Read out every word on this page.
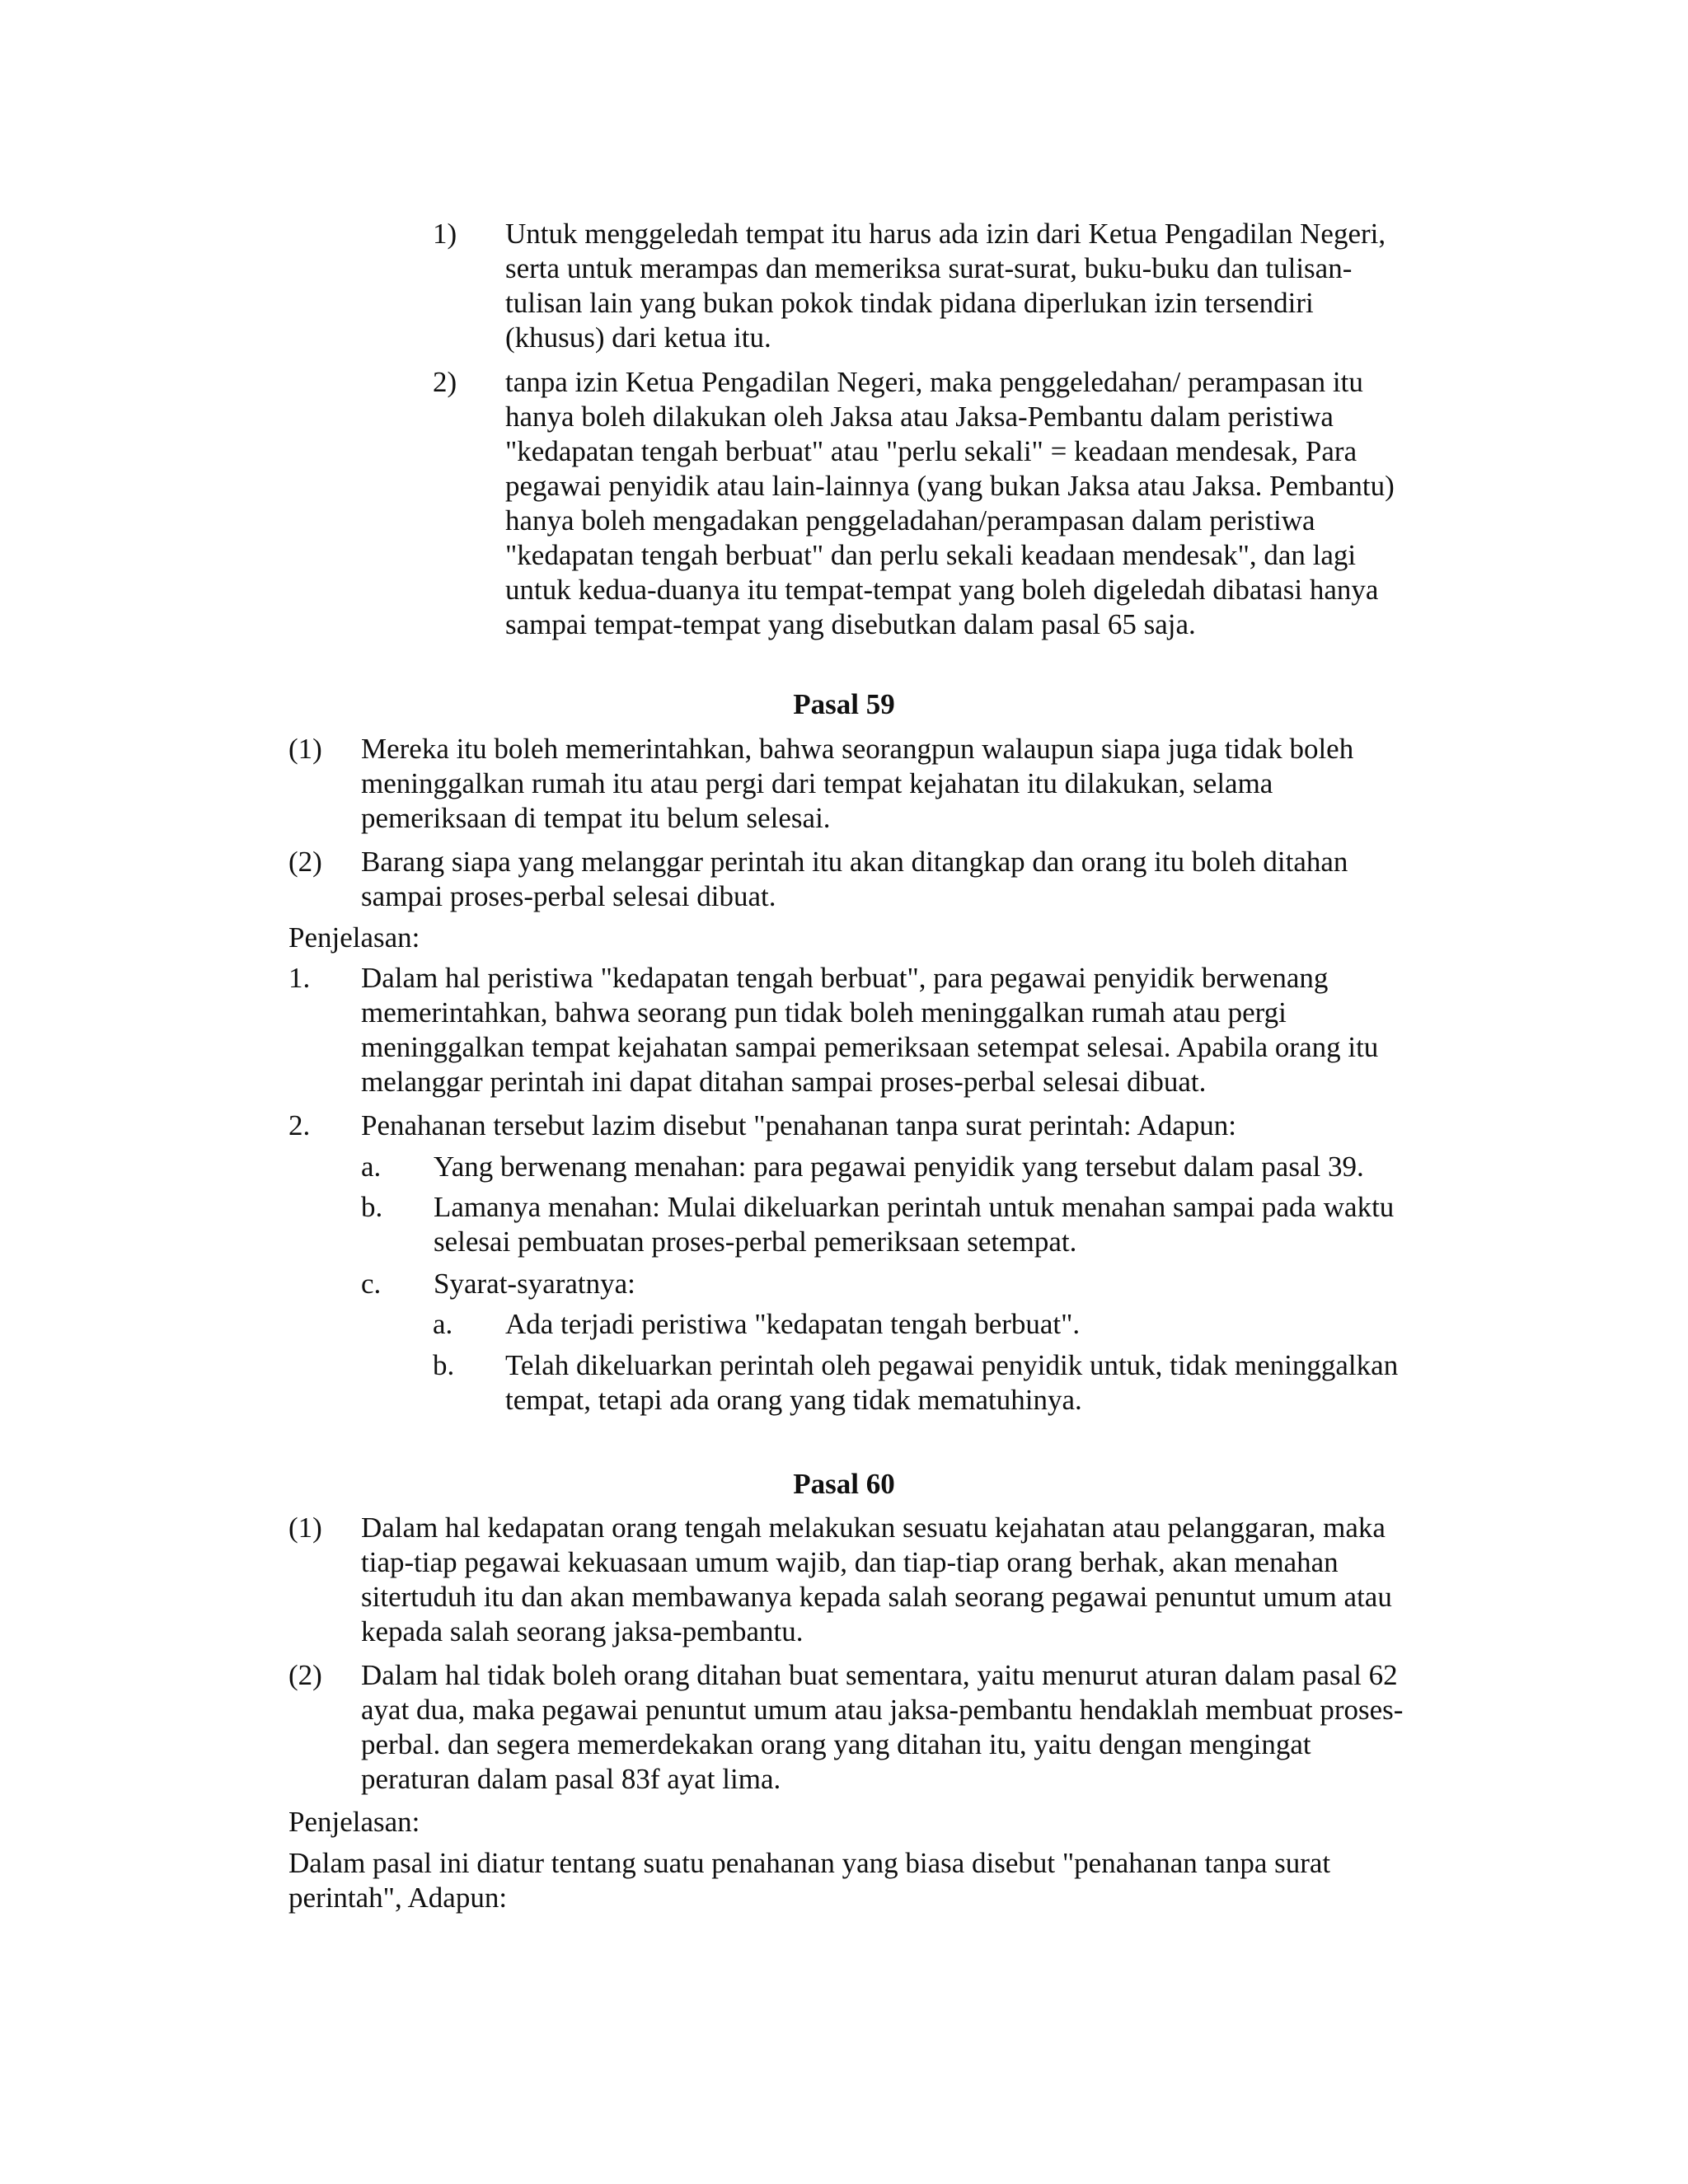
1) Untuk menggeledah tempat itu harus ada izin dari Ketua Pengadilan Negeri, serta untuk merampas dan memeriksa surat-surat, buku-buku dan tulisan-tulisan lain yang bukan pokok tindak pidana diperlukan izin tersendiri (khusus) dari ketua itu.

2) tanpa izin Ketua Pengadilan Negeri, maka penggeledahan/ perampasan itu hanya boleh dilakukan oleh Jaksa atau Jaksa-Pembantu dalam peristiwa "kedapatan tengah berbuat" atau "perlu sekali" = keadaan mendesak, Para pegawai penyidik atau lain-lainnya (yang bukan Jaksa atau Jaksa. Pembantu) hanya boleh mengadakan penggeladahan/perampasan dalam peristiwa "kedapatan tengah berbuat" dan perlu sekali keadaan mendesak", dan lagi untuk kedua-duanya itu tempat-tempat yang boleh digeledah dibatasi hanya sampai tempat-tempat yang disebutkan dalam pasal 65 saja.

Pasal 59
(1) Mereka itu boleh memerintahkan, bahwa seorangpun walaupun siapa juga tidak boleh meninggalkan rumah itu atau pergi dari tempat kejahatan itu dilakukan, selama pemeriksaan di tempat itu belum selesai.

(2) Barang siapa yang melanggar perintah itu akan ditangkap dan orang itu boleh ditahan sampai proses-perbal selesai dibuat.

Penjelasan:
1. Dalam hal peristiwa "kedapatan tengah berbuat", para pegawai penyidik berwenang memerintahkan, bahwa seorang pun tidak boleh meninggalkan rumah atau pergi meninggalkan tempat kejahatan sampai pemeriksaan setempat selesai. Apabila orang itu melanggar perintah ini dapat ditahan sampai proses-perbal selesai dibuat.

2. Penahanan tersebut lazim disebut "penahanan tanpa surat perintah: Adapun:

a. Yang berwenang menahan: para pegawai penyidik yang tersebut dalam pasal 39.

b. Lamanya menahan: Mulai dikeluarkan perintah untuk menahan sampai pada waktu selesai pembuatan proses-perbal pemeriksaan setempat.

c. Syarat-syaratnya:

a. Ada terjadi peristiwa "kedapatan tengah berbuat".

b. Telah dikeluarkan perintah oleh pegawai penyidik untuk, tidak meninggalkan tempat, tetapi ada orang yang tidak mematuhinya.

Pasal 60
(1) Dalam hal kedapatan orang tengah melakukan sesuatu kejahatan atau pelanggaran, maka tiap-tiap pegawai kekuasaan umum wajib, dan tiap-tiap orang berhak, akan menahan sitertuduh itu dan akan membawanya kepada salah seorang pegawai penuntut umum atau kepada salah seorang jaksa-pembantu.

(2) Dalam hal tidak boleh orang ditahan buat sementara, yaitu menurut aturan dalam pasal 62 ayat dua, maka pegawai penuntut umum atau jaksa-pembantu hendaklah membuat proses-perbal. dan segera memerdekakan orang yang ditahan itu, yaitu dengan mengingat peraturan dalam pasal 83f ayat lima.

Penjelasan:
Dalam pasal ini diatur tentang suatu penahanan yang biasa disebut "penahanan tanpa surat perintah", Adapun:
